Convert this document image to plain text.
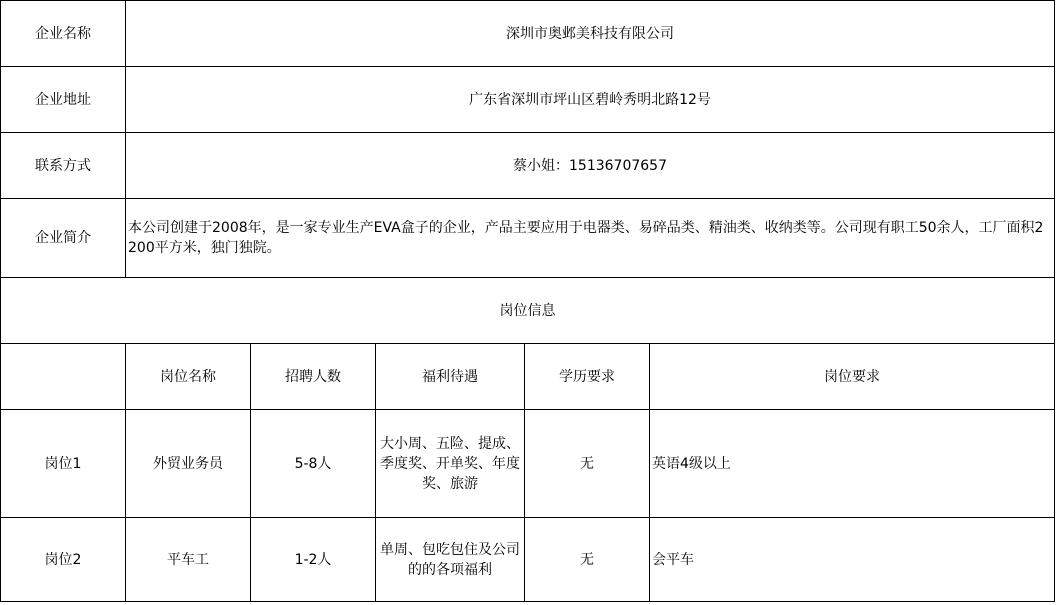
企业名称	深圳市奥邺美科技有限公司				
企业地址	广东省深圳市坪山区碧岭秀明北路12号				
联系方式	蔡小姐：15136707657				
企业简介	本公司创建于2008年，是一家专业生产EVA盒子的企业，产品主要应用于电器类、易碎品类、精油类、收纳类等。公司现有职工50余人，工厂面积2200平方米，独门独院。				
岗位信息					
	岗位名称	招聘人数	福利待遇	学历要求	岗位要求
岗位1	外贸业务员	5-8人	大小周、五险、提成、季度奖、开单奖、年度奖、旅游	无	英语4级以上
岗位2	平车工	1-2人	单周、包吃包住及公司的的各项福利	无	会平车
